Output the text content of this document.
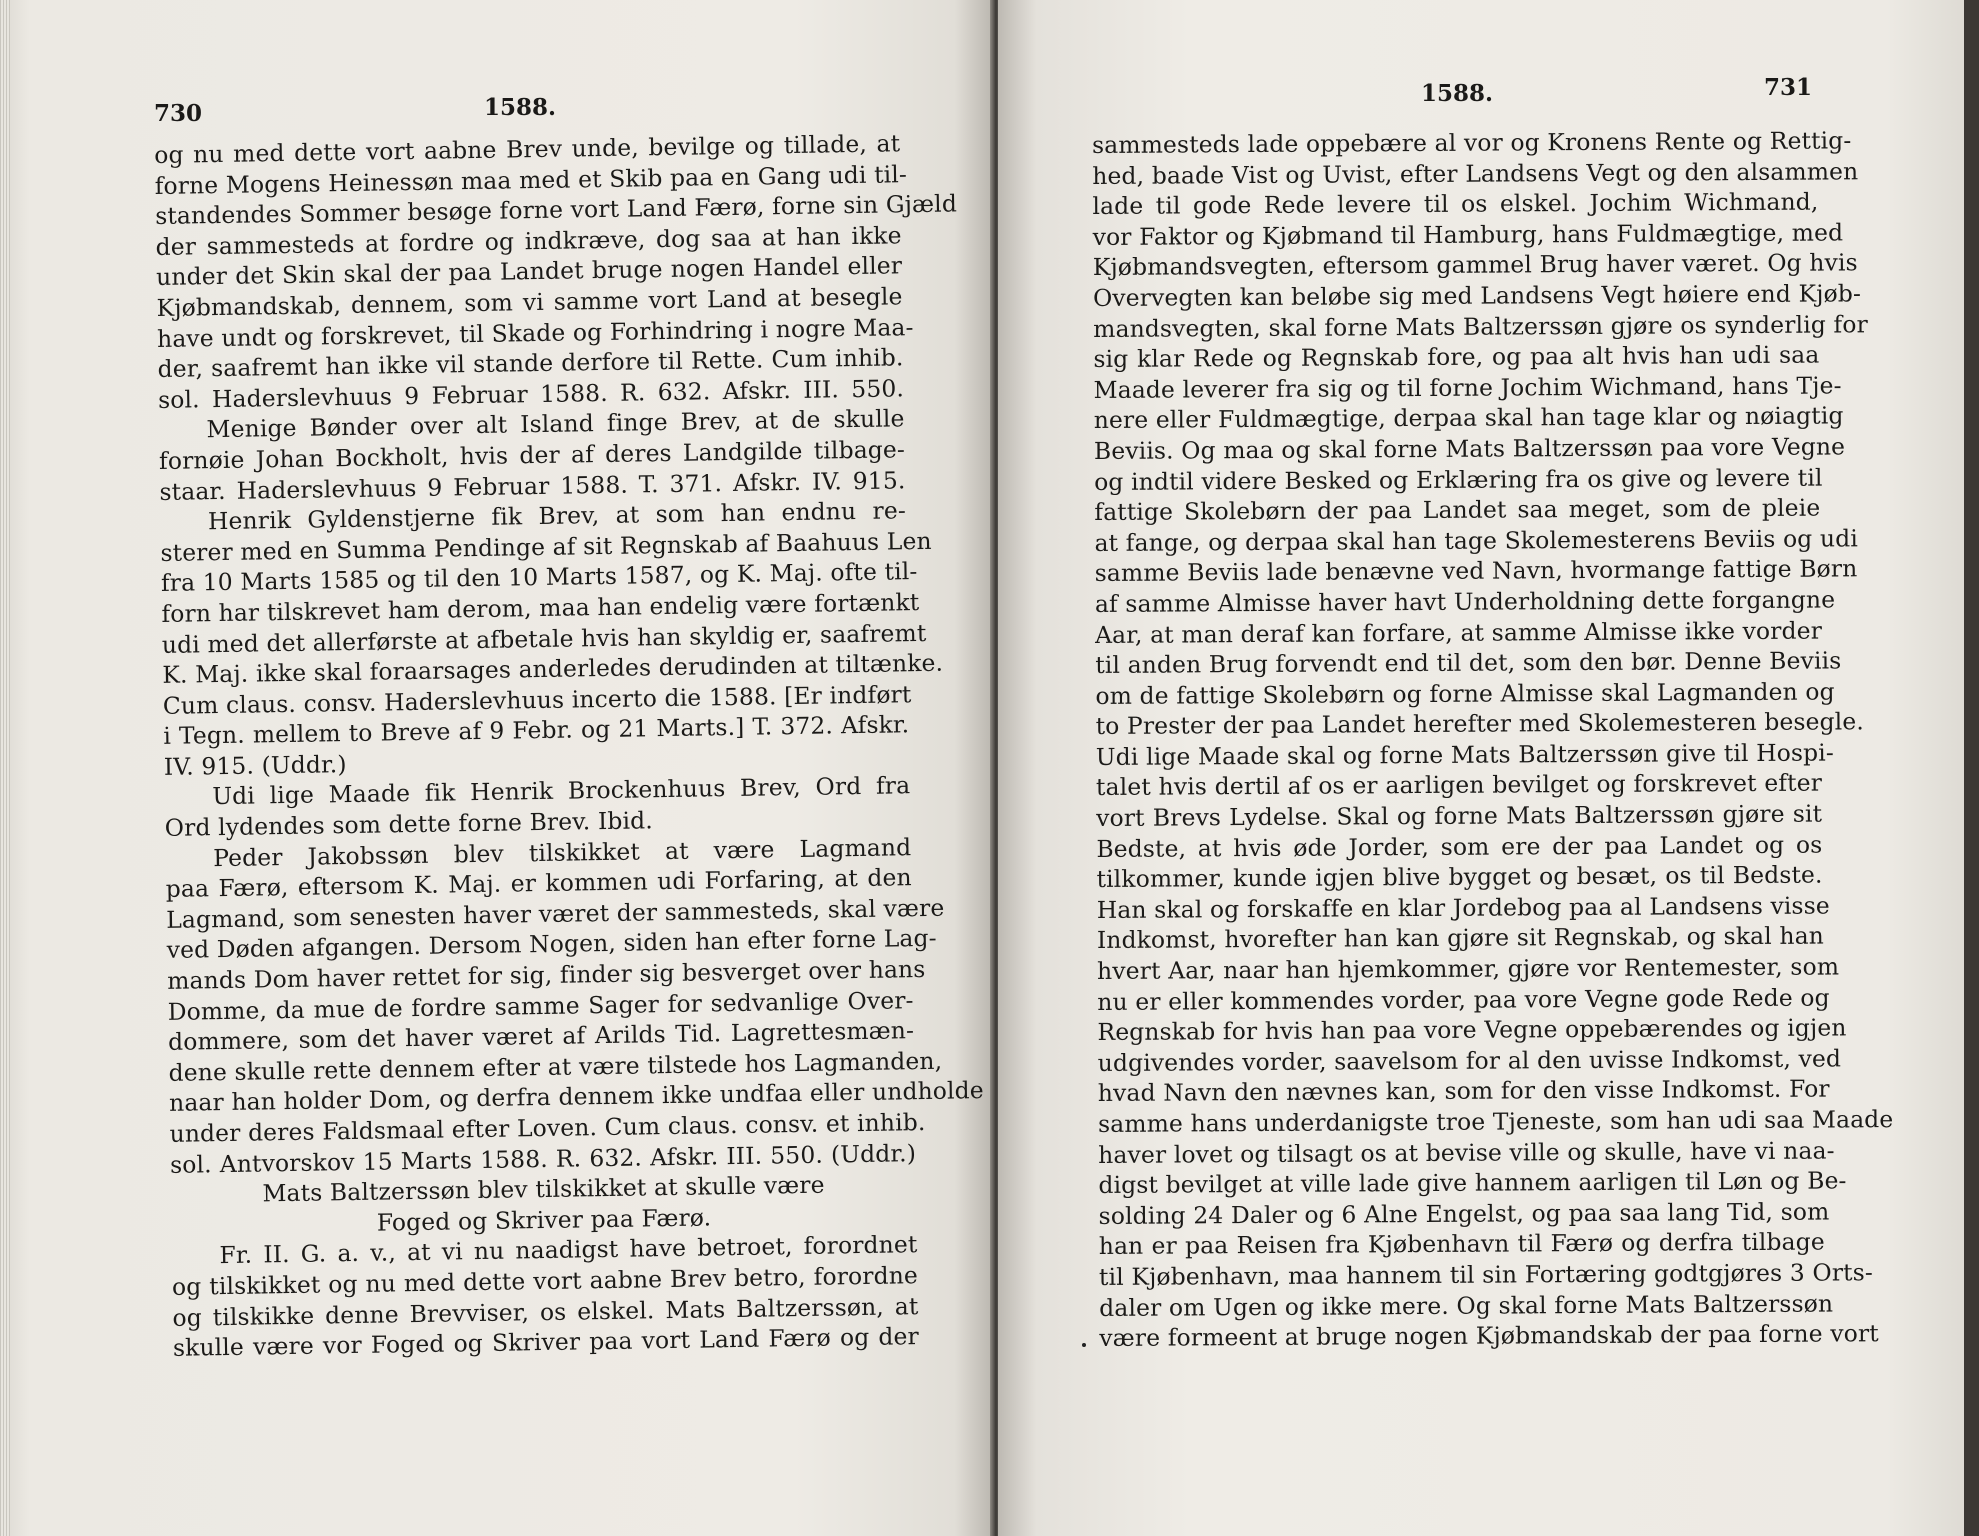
730	1588.
og nu med dette vort aabne Brev unde, bevilge og tillade, at
forne Mogens Heinessøn maa med et Skib paa en Gang udi til-
standendes Sommer besøge forne vort Land Færø, forne sin Gjæld
der sammesteds at fordre og indkræve, dog saa at han ikke
under det Skin skal der paa Landet bruge nogen Handel eller
Kjøbmandskab, dennem, som vi samme vort Land at besegle
have undt og forskrevet, til Skade og Forhindring i nogre Maa-
der, saafremt han ikke vil stande derfore til Rette. Cum inhib.
sol. Haderslevhuus 9 Februar 1588. R. 632. Afskr. III. 550.
Menige Bønder over alt Island finge Brev, at de skulle
fornøie Johan Bockholt, hvis der af deres Landgilde tilbage-
staar. Haderslevhuus 9 Februar 1588. T. 371. Afskr. IV. 915.
Henrik Gyldenstjerne fik Brev, at som han endnu re-
sterer med en Summa Pendinge af sit Regnskab af Baahuus Len
fra 10 Marts 1585 og til den 10 Marts 1587, og K. Maj. ofte til-
forn har tilskrevet ham derom, maa han endelig være fortænkt
udi med det allerførste at afbetale hvis han skyldig er, saafremt
K. Maj. ikke skal foraarsages anderledes derudinden at tiltænke.
Cum claus. consv. Haderslevhuus incerto die 1588. [Er indført
i Tegn. mellem to Breve af 9 Febr. og 21 Marts.] T. 372. Afskr.
IV. 915. (Uddr.)
Udi lige Maade fik Henrik Brockenhuus Brev, Ord fra
Ord lydendes som dette forne Brev. Ibid.
Peder Jakobssøn blev tilskikket at være Lagmand
paa Færø, eftersom K. Maj. er kommen udi Forfaring, at den
Lagmand, som senesten haver været der sammesteds, skal være
ved Døden afgangen. Dersom Nogen, siden han efter forne Lag-
mands Dom haver rettet for sig, finder sig besverget over hans
Domme, da mue de fordre samme Sager for sedvanlige Over-
dommere, som det haver været af Arilds Tid. Lagrettesmæn-
dene skulle rette dennem efter at være tilstede hos Lagmanden,
naar han holder Dom, og derfra dennem ikke undfaa eller undholde
under deres Faldsmaal efter Loven. Cum claus. consv. et inhib.
sol. Antvorskov 15 Marts 1588. R. 632. Afskr. III. 550. (Uddr.)
Mats Baltzerssøn blev tilskikket at skulle være
Foged og Skriver paa Færø.
Fr. II. G. a. v., at vi nu naadigst have betroet, forordnet
og tilskikket og nu med dette vort aabne Brev betro, forordne
og tilskikke denne Brevviser, os elskel. Mats Baltzerssøn, at
skulle være vor Foged og Skriver paa vort Land Færø og der
1588.	731
sammesteds lade oppebære al vor og Kronens Rente og Rettig-
hed, baade Vist og Uvist, efter Landsens Vegt og den alsammen
lade til gode Rede levere til os elskel. Jochim Wichmand,
vor Faktor og Kjøbmand til Hamburg, hans Fuldmægtige, med
Kjøbmandsvegten, eftersom gammel Brug haver været. Og hvis
Overvegten kan beløbe sig med Landsens Vegt høiere end Kjøb-
mandsvegten, skal forne Mats Baltzerssøn gjøre os synderlig for
sig klar Rede og Regnskab fore, og paa alt hvis han udi saa
Maade leverer fra sig og til forne Jochim Wichmand, hans Tje-
nere eller Fuldmægtige, derpaa skal han tage klar og nøiagtig
Beviis. Og maa og skal forne Mats Baltzerssøn paa vore Vegne
og indtil videre Besked og Erklæring fra os give og levere til
fattige Skolebørn der paa Landet saa meget, som de pleie
at fange, og derpaa skal han tage Skolemesterens Beviis og udi
samme Beviis lade benævne ved Navn, hvormange fattige Børn
af samme Almisse haver havt Underholdning dette forgangne
Aar, at man deraf kan forfare, at samme Almisse ikke vorder
til anden Brug forvendt end til det, som den bør. Denne Beviis
om de fattige Skolebørn og forne Almisse skal Lagmanden og
to Prester der paa Landet herefter med Skolemesteren besegle.
Udi lige Maade skal og forne Mats Baltzerssøn give til Hospi-
talet hvis dertil af os er aarligen bevilget og forskrevet efter
vort Brevs Lydelse. Skal og forne Mats Baltzerssøn gjøre sit
Bedste, at hvis øde Jorder, som ere der paa Landet og os
tilkommer, kunde igjen blive bygget og besæt, os til Bedste.
Han skal og forskaffe en klar Jordebog paa al Landsens visse
Indkomst, hvorefter han kan gjøre sit Regnskab, og skal han
hvert Aar, naar han hjemkommer, gjøre vor Rentemester, som
nu er eller kommendes vorder, paa vore Vegne gode Rede og
Regnskab for hvis han paa vore Vegne oppebærendes og igjen
udgivendes vorder, saavelsom for al den uvisse Indkomst, ved
hvad Navn den nævnes kan, som for den visse Indkomst. For
samme hans underdanigste troe Tjeneste, som han udi saa Maade
haver lovet og tilsagt os at bevise ville og skulle, have vi naa-
digst bevilget at ville lade give hannem aarligen til Løn og Be-
solding 24 Daler og 6 Alne Engelst, og paa saa lang Tid, som
han er paa Reisen fra Kjøbenhavn til Færø og derfra tilbage
til Kjøbenhavn, maa hannem til sin Fortæring godtgjøres 3 Orts-
daler om Ugen og ikke mere. Og skal forne Mats Baltzerssøn
være formeent at bruge nogen Kjøbmandskab der paa forne vort
